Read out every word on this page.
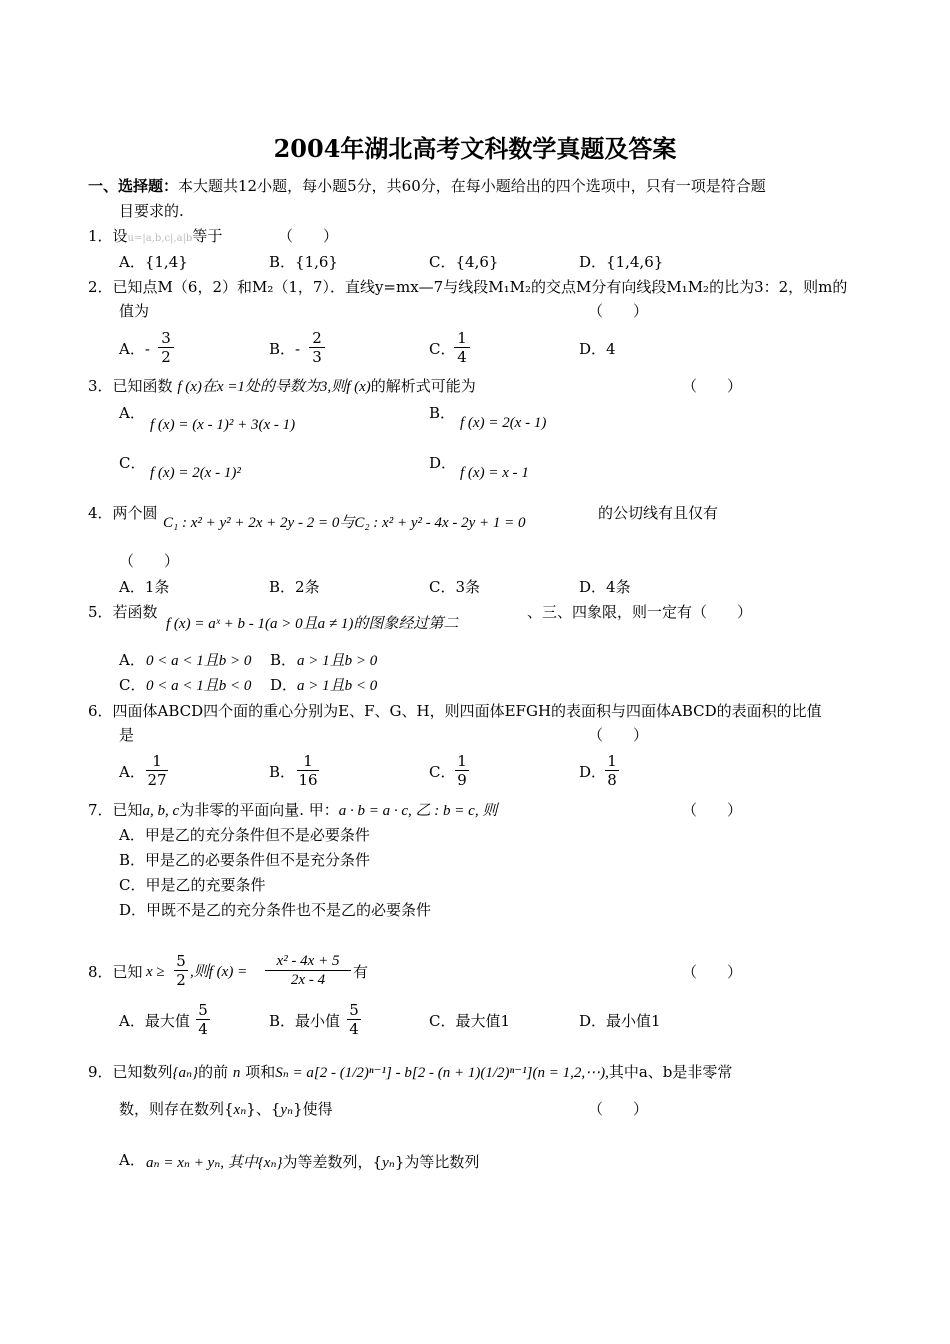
2004年湖北高考文科数学真题及答案
一、选择题：本大题共12小题，每小题5分，共60分，在每小题给出的四个选项中，只有一项是符合题
目要求的.
1．设u=|a,b,c|,a|b等于	（　　）
A．{1,4}	B．{1,6}	C．{4,6}	D．{1,4,6}
2．已知点M（6，2）和M₂（1，7）．直线y=mx—7与线段M₁M₂的交点M分有向线段M₁M₂的比为3：2，则m的
值为	（　　）
A．- $\frac{3}{2}$	B．- $\frac{2}{3}$	C．
$\frac{1}{4}$	D．4
3．已知函数 f (x)在x =1处的导数为3,则f (x)的解析式可能为	（　　）
A．
f (x) = (x - 1)² + 3(x - 1)
B．
f (x) = 2(x - 1)
C．
f (x) = 2(x - 1)²
D．
f (x) = x - 1
4．两个圆
C₁ : x² + y² + 2x + 2y - 2 = 0与C₂ : x² + y² - 4x - 2y + 1 = 0
的公切线有且仅有
（　　）
A．1条	B．2条	C．3条	D．4条
5．若函数
f (x) = aˣ + b - 1(a > 0且a ≠ 1)的图象经过第二
、三、四象限，则一定有（　　）
A． 0 < a < 1且b > 0 B． a > 1且b > 0
C． 0 < a < 1且b < 0 D． a > 1且b < 0
6．四面体ABCD四个面的重心分别为E、F、G、H，则四面体EFGH的表面积与四面体ABCD的表面积的比值
是	（　　）
A． $\frac{1}{27}$	B． $\frac{1}{16}$	C． $\frac{1}{9}$	D．
$\frac{1}{8}$
7．已知a, b, c为非零的平面向量. 甲：a · b = a · c, 乙 : b = c, 则	（　　）
A．甲是乙的充分条件但不是必要条件
B．甲是乙的必要条件但不是充分条件
C．甲是乙的充要条件
D．甲既不是乙的充分条件也不是乙的必要条件
8．已知 $x \ge \frac{5}{2}$ ,则f $(x) = \frac{\text{x² - 4x + 5}}{2x - 4}$ 有	（　　）
A．最大值 $\frac{5}{4}$	B．最小值 $\frac{5}{4}$	C．最大值1	D．最小值1
9．已知数列{aₙ}的前 n 项和Sₙ = a[2 - (1/2)ⁿ⁻¹] - b[2 - (n + 1)(1/2)ⁿ⁻¹](n = 1,2,⋯),其中a、b是非零常
数，则存在数列{xₙ}、{yₙ}使得	（　　）
A． aₙ = xₙ + yₙ, 其中{xₙ}为等差数列，{yₙ}为等比数列
